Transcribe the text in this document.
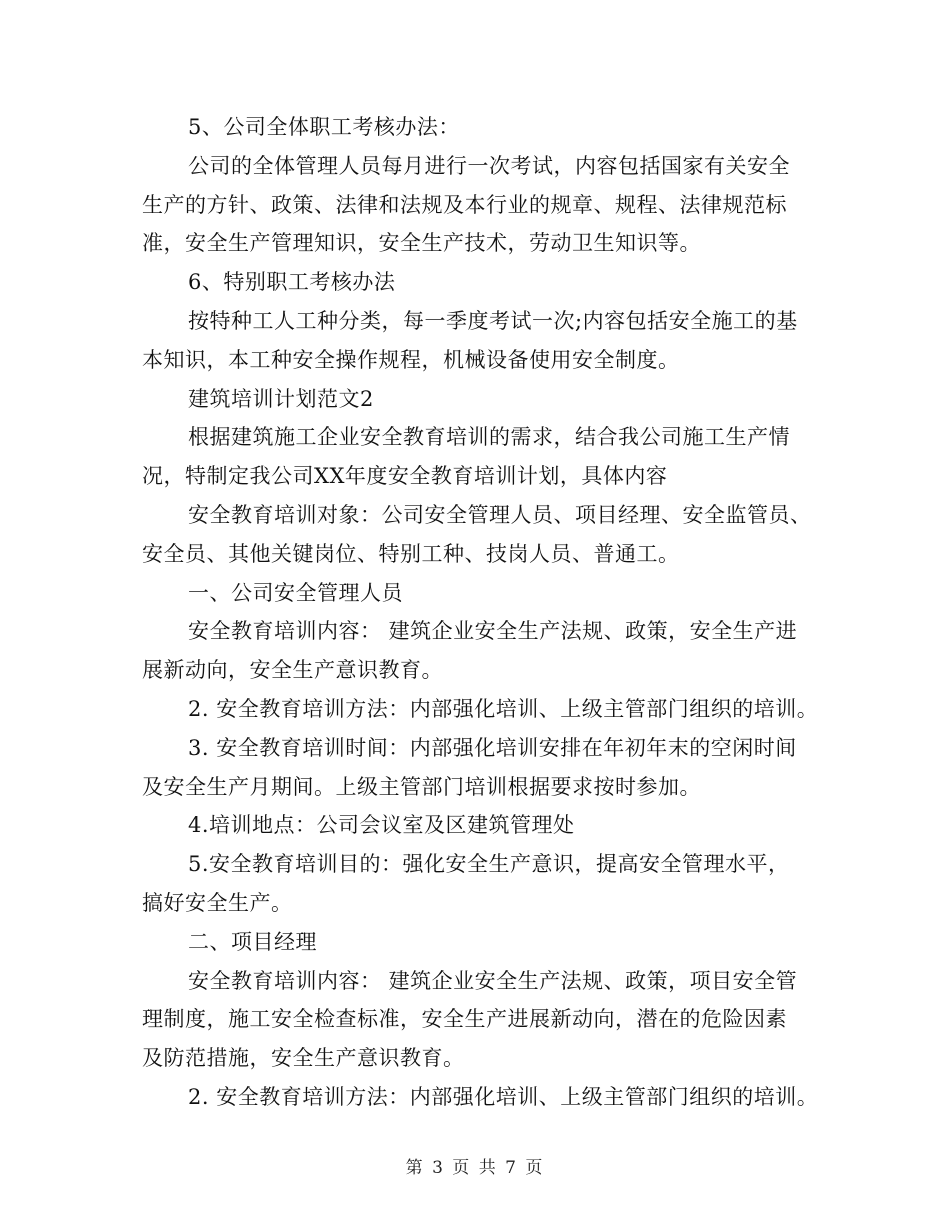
5、公司全体职工考核办法：
公司的全体管理人员每月进行一次考试，内容包括国家有关安全
生产的方针、政策、法律和法规及本行业的规章、规程、法律规范标
准，安全生产管理知识，安全生产技术，劳动卫生知识等。
6、特别职工考核办法
按特种工人工种分类，每一季度考试一次;内容包括安全施工的基
本知识，本工种安全操作规程，机械设备使用安全制度。
建筑培训计划范文2
根据建筑施工企业安全教育培训的需求，结合我公司施工生产情
况，特制定我公司XX年度安全教育培训计划，具体内容
安全教育培训对象：公司安全管理人员、项目经理、安全监管员、
安全员、其他关键岗位、特别工种、技岗人员、普通工。
一、公司安全管理人员
安全教育培训内容： 建筑企业安全生产法规、政策，安全生产进
展新动向，安全生产意识教育。
2. 安全教育培训方法：内部强化培训、上级主管部门组织的培训。
3. 安全教育培训时间：内部强化培训安排在年初年末的空闲时间
及安全生产月期间。上级主管部门培训根据要求按时参加。
4.培训地点：公司会议室及区建筑管理处
5.安全教育培训目的：强化安全生产意识，提高安全管理水平，
搞好安全生产。
二、项目经理
安全教育培训内容： 建筑企业安全生产法规、政策，项目安全管
理制度，施工安全检查标准，安全生产进展新动向，潜在的危险因素
及防范措施，安全生产意识教育。
2. 安全教育培训方法：内部强化培训、上级主管部门组织的培训。
第 3 页 共 7 页
